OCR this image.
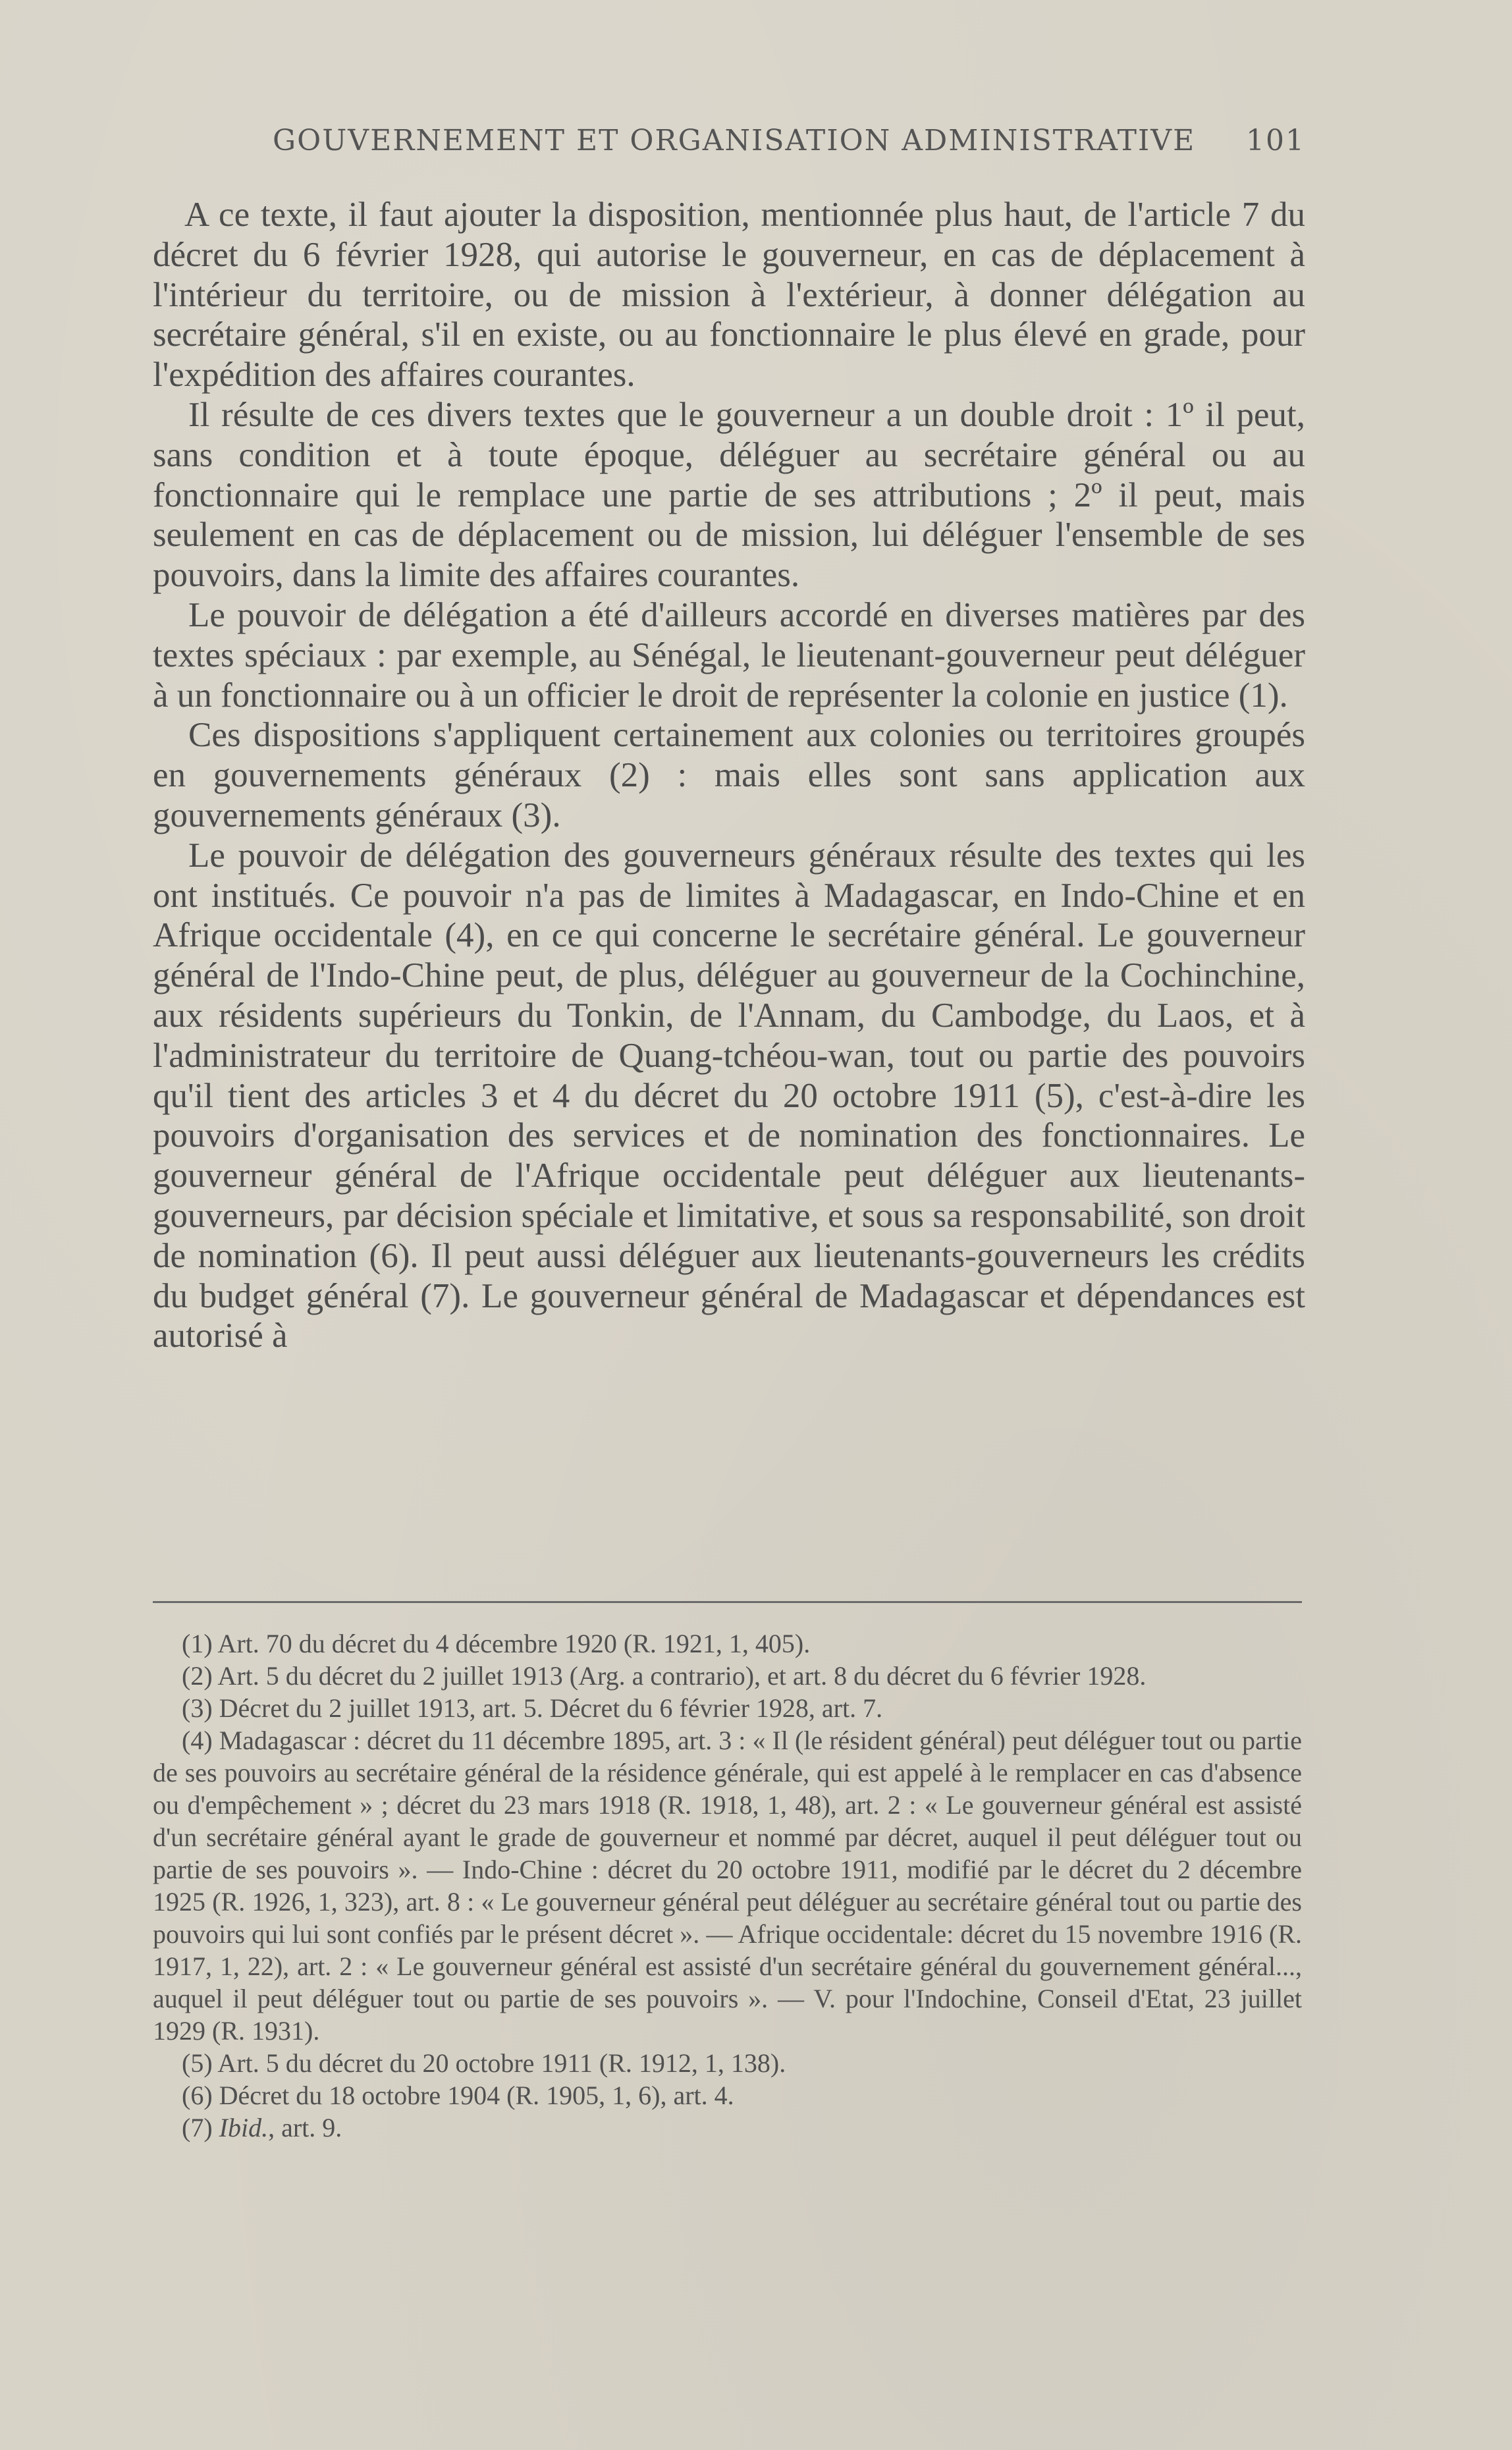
GOUVERNEMENT ET ORGANISATION ADMINISTRATIVE 101

A ce texte, il faut ajouter la disposition, mentionnée plus haut, de l'article 7 du décret du 6 février 1928, qui autorise le gouverneur, en cas de déplacement à l'intérieur du territoire, ou de mission à l'extérieur, à donner délégation au secrétaire général, s'il en existe, ou au fonctionnaire le plus élevé en grade, pour l'expédition des affaires courantes.

Il résulte de ces divers textes que le gouverneur a un double droit : 1º il peut, sans condition et à toute époque, déléguer au secrétaire général ou au fonctionnaire qui le remplace une partie de ses attributions ; 2º il peut, mais seulement en cas de déplacement ou de mission, lui déléguer l'ensemble de ses pouvoirs, dans la limite des affaires courantes.

Le pouvoir de délégation a été d'ailleurs accordé en diverses matières par des textes spéciaux : par exemple, au Sénégal, le lieutenant-gouverneur peut déléguer à un fonctionnaire ou à un officier le droit de représenter la colonie en justice (1).

Ces dispositions s'appliquent certainement aux colonies ou territoires groupés en gouvernements généraux (2) : mais elles sont sans application aux gouvernements généraux (3).

Le pouvoir de délégation des gouverneurs généraux résulte des textes qui les ont institués. Ce pouvoir n'a pas de limites à Madagascar, en Indo-Chine et en Afrique occidentale (4), en ce qui concerne le secrétaire général. Le gouverneur général de l'Indo-Chine peut, de plus, déléguer au gouverneur de la Cochinchine, aux résidents supérieurs du Tonkin, de l'Annam, du Cambodge, du Laos, et à l'administrateur du territoire de Quang-tchéou-wan, tout ou partie des pouvoirs qu'il tient des articles 3 et 4 du décret du 20 octobre 1911 (5), c'est-à-dire les pouvoirs d'organisation des services et de nomination des fonctionnaires. Le gouverneur général de l'Afrique occidentale peut déléguer aux lieutenants-gouverneurs, par décision spéciale et limitative, et sous sa responsabilité, son droit de nomination (6). Il peut aussi déléguer aux lieutenants-gouverneurs les crédits du budget général (7). Le gouverneur général de Madagascar et dépendances est autorisé à

(1) Art. 70 du décret du 4 décembre 1920 (R. 1921, 1, 405).

(2) Art. 5 du décret du 2 juillet 1913 (Arg. a contrario), et art. 8 du décret du 6 février 1928.

(3) Décret du 2 juillet 1913, art. 5. Décret du 6 février 1928, art. 7.

(4) Madagascar : décret du 11 décembre 1895, art. 3 : « Il (le résident général) peut déléguer tout ou partie de ses pouvoirs au secrétaire général de la résidence générale, qui est appelé à le remplacer en cas d'absence ou d'empêchement » ; décret du 23 mars 1918 (R. 1918, 1, 48), art. 2 : « Le gouverneur général est assisté d'un secrétaire général ayant le grade de gouverneur et nommé par décret, auquel il peut déléguer tout ou partie de ses pouvoirs ». — Indo-Chine : décret du 20 octobre 1911, modifié par le décret du 2 décembre 1925 (R. 1926, 1, 323), art. 8 : « Le gouverneur général peut déléguer au secrétaire général tout ou partie des pouvoirs qui lui sont confiés par le présent décret ». — Afrique occidentale: décret du 15 novembre 1916 (R. 1917, 1, 22), art. 2 : « Le gouverneur général est assisté d'un secrétaire général du gouvernement général..., auquel il peut déléguer tout ou partie de ses pouvoirs ». — V. pour l'Indochine, Conseil d'Etat, 23 juillet 1929 (R. 1931).

(5) Art. 5 du décret du 20 octobre 1911 (R. 1912, 1, 138).

(6) Décret du 18 octobre 1904 (R. 1905, 1, 6), art. 4.

(7) Ibid., art. 9.
